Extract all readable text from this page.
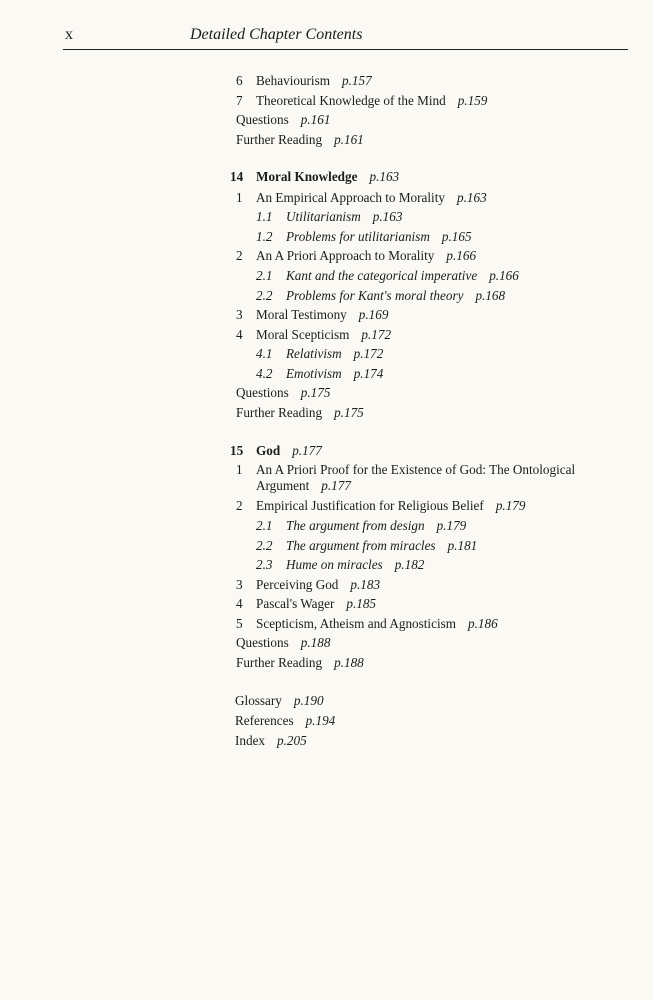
x	Detailed Chapter Contents
6 Behaviourism p.157
7 Theoretical Knowledge of the Mind p.159
Questions p.161
Further Reading p.161
14 Moral Knowledge p.163
1 An Empirical Approach to Morality p.163
1.1 Utilitarianism p.163
1.2 Problems for utilitarianism p.165
2 An A Priori Approach to Morality p.166
2.1 Kant and the categorical imperative p.166
2.2 Problems for Kant's moral theory p.168
3 Moral Testimony p.169
4 Moral Scepticism p.172
4.1 Relativism p.172
4.2 Emotivism p.174
Questions p.175
Further Reading p.175
15 God p.177
1 An A Priori Proof for the Existence of God: The Ontological
Argument p.177
2 Empirical Justification for Religious Belief p.179
2.1 The argument from design p.179
2.2 The argument from miracles p.181
2.3 Hume on miracles p.182
3 Perceiving God p.183
4 Pascal's Wager p.185
5 Scepticism, Atheism and Agnosticism p.186
Questions p.188
Further Reading p.188
Glossary p.190
References p.194
Index p.205
